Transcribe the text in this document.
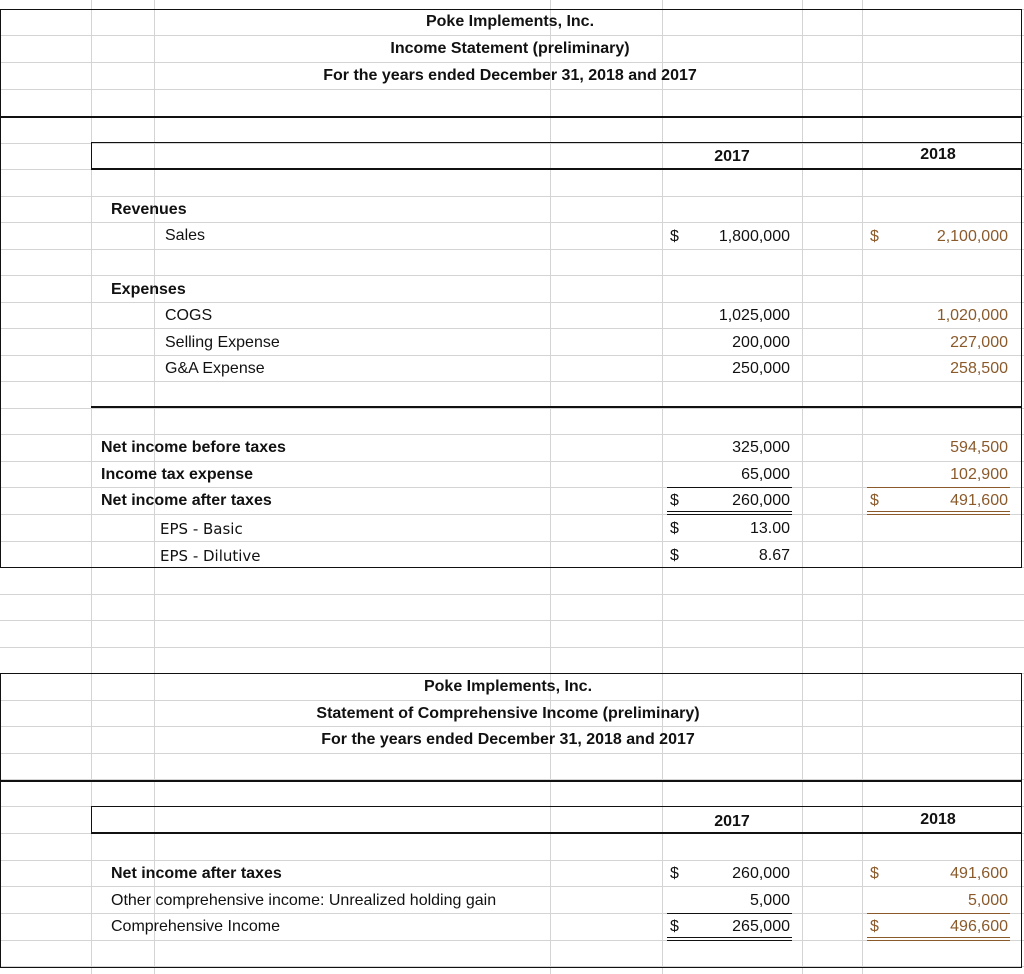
Poke Implements, Inc.
Income Statement (preliminary)
For the years ended December 31, 2018 and 2017
2017	2018
Revenues
Sales	$	1,800,000	$	2,100,000
Expenses
COGS	1,025,000	1,020,000
Selling Expense	200,000	227,000
G&A Expense	250,000	258,500
Net income before taxes	325,000	594,500
Income tax expense	65,000	102,900
Net income after taxes	$	260,000	$	491,600
EPS - Basic	$	13.00
EPS - Dilutive	$	8.67
Poke Implements, Inc.
Statement of Comprehensive Income (preliminary)
For the years ended December 31, 2018 and 2017
2017	2018
Net income after taxes	$	260,000	$	491,600
Other comprehensive income: Unrealized holding gain	5,000	5,000
Comprehensive Income	$	265,000	$	496,600
